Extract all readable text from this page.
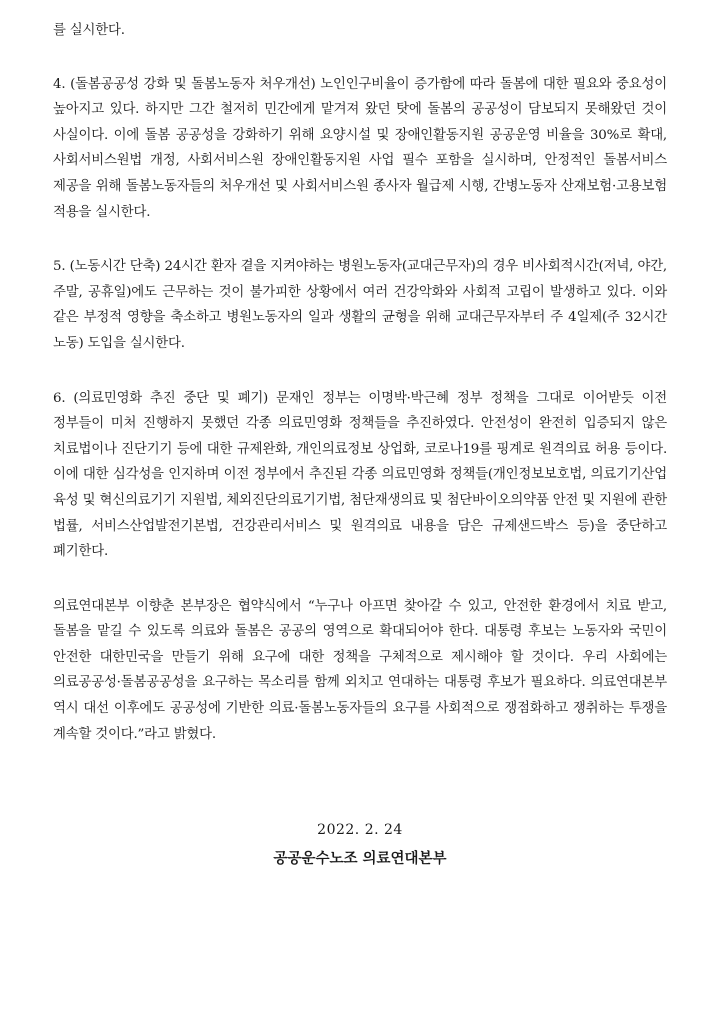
를 실시한다.

4. (돌봄공공성 강화 및 돌봄노동자 처우개선) 노인인구비율이 증가함에 따라 돌봄에 대한 필요와 중요성이 높아지고 있다. 하지만 그간 철저히 민간에게 맡겨져 왔던 탓에 돌봄의 공공성이 담보되지 못해왔던 것이 사실이다. 이에 돌봄 공공성을 강화하기 위해 요양시설 및 장애인활동지원 공공운영 비율을 30%로 확대, 사회서비스원법 개정, 사회서비스원 장애인활동지원 사업 필수 포함을 실시하며, 안정적인 돌봄서비스 제공을 위해 돌봄노동자들의 처우개선 및 사회서비스원 종사자 월급제 시행, 간병노동자 산재보험·고용보험 적용을 실시한다.

5. (노동시간 단축) 24시간 환자 곁을 지켜야하는 병원노동자(교대근무자)의 경우 비사회적시간(저녁, 야간, 주말, 공휴일)에도 근무하는 것이 불가피한 상황에서 여러 건강악화와 사회적 고립이 발생하고 있다. 이와 같은 부정적 영향을 축소하고 병원노동자의 일과 생활의 균형을 위해 교대근무자부터 주 4일제(주 32시간 노동) 도입을 실시한다.

6. (의료민영화 추진 중단 및 폐기) 문재인 정부는 이명박·박근혜 정부 정책을 그대로 이어받듯 이전 정부들이 미처 진행하지 못했던 각종 의료민영화 정책들을 추진하였다. 안전성이 완전히 입증되지 않은 치료법이나 진단기기 등에 대한 규제완화, 개인의료정보 상업화, 코로나19를 핑계로 원격의료 허용 등이다. 이에 대한 심각성을 인지하며 이전 정부에서 추진된 각종 의료민영화 정책들(개인정보보호법, 의료기기산업 육성 및 혁신의료기기 지원법, 체외진단의료기기법, 첨단재생의료 및 첨단바이오의약품 안전 및 지원에 관한 법률, 서비스산업발전기본법, 건강관리서비스 및 원격의료 내용을 담은 규제샌드박스 등)을 중단하고 폐기한다.

의료연대본부 이향춘 본부장은 협약식에서 “누구나 아프면 찾아갈 수 있고, 안전한 환경에서 치료 받고, 돌봄을 맡길 수 있도록 의료와 돌봄은 공공의 영역으로 확대되어야 한다. 대통령 후보는 노동자와 국민이 안전한 대한민국을 만들기 위해 요구에 대한 정책을 구체적으로 제시해야 할 것이다. 우리 사회에는 의료공공성·돌봄공공성을 요구하는 목소리를 함께 외치고 연대하는 대통령 후보가 필요하다. 의료연대본부 역시 대선 이후에도 공공성에 기반한 의료·돌봄노동자들의 요구를 사회적으로 쟁점화하고 쟁취하는 투쟁을 계속할 것이다.”라고 밝혔다.

2022. 2. 24
공공운수노조 의료연대본부
